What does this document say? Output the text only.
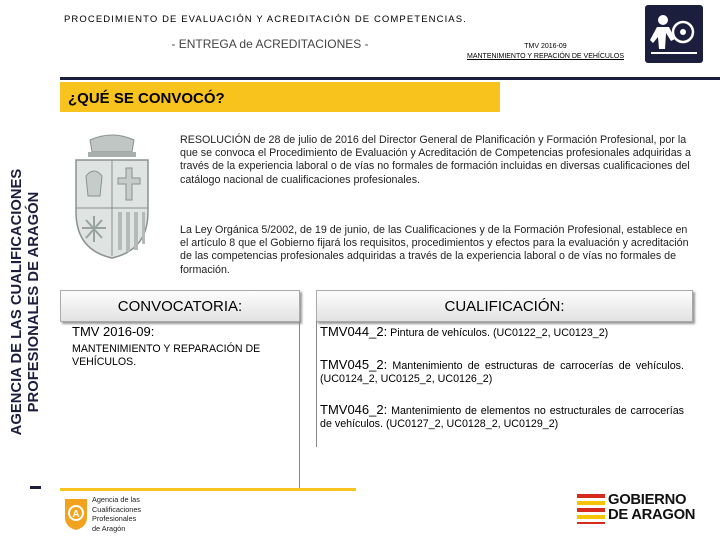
PROCEDIMIENTO DE EVALUACIÓN Y ACREDITACIÓN DE COMPETENCIAS.
- ENTREGA de ACREDITACIONES -	TMV 2016-09
MANTENIMIENTO Y REPACIÓN DE VEHÍCULOS
¿QUÉ SE CONVOCÓ?
AGENCIA DE LAS CUALIFICACIONES PROFESIONALES DE ARAGÓN
RESOLUCIÓN de 28 de julio de 2016 del Director General de Planificación y Formación Profesional, por la que se convoca el Procedimiento de Evaluación y Acreditación de Competencias profesionales adquiridas a través de la experiencia laboral o de vías no formales de formación incluidas en diversas cualificaciones del catálogo nacional de cualificaciones profesionales.
La Ley Orgánica 5/2002, de 19 de junio, de las Cualificaciones y de la Formación Profesional, establece en el artículo 8 que el Gobierno fijará los requisitos, procedimientos y efectos para la evaluación y acreditación de las competencias profesionales adquiridas a través de la experiencia laboral o de vías no formales de formación.
CONVOCATORIA:	CUALIFICACIÓN:
TMV 2016-09:
MANTENIMIENTO Y REPARACIÓN DE VEHÍCULOS.
TMV044_2: Pintura de vehículos. (UC0122_2, UC0123_2)
TMV045_2: Mantenimiento de estructuras de carrocerías de vehículos. (UC0124_2, UC0125_2, UC0126_2)
TMV046_2: Mantenimiento de elementos no estructurales de carrocerías de vehículos. (UC0127_2, UC0128_2, UC0129_2)
A
Agencia de las
Cualificaciones
Profesionales
de Aragón
GOBIERNO
DE ARAGON
